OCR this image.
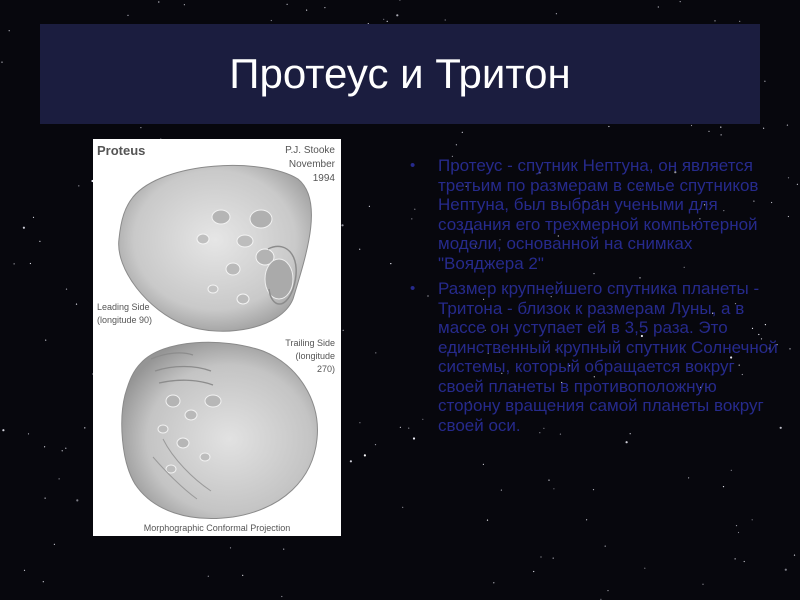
Протеус и Тритон
Proteus	P.J. Stooke
November
1994
Leading Side
(longitude 90)
Trailing Side
(longitude
270)
Morphographic Conformal Projection
• Протеус - спутник Нептуна, он является третьим по размерам в семье спутников Нептуна, был выбран учеными для создания его трехмерной компьютерной модели, основанной на снимках "Вояджера 2"
• Размер крупнейшего спутника планеты - Тритона - близок к размерам Луны, а в массе он уступает ей в 3,5 раза. Это единственный крупный спутник Солнечной системы, который обращается вокруг своей планеты в противоположную сторону вращения самой планеты вокруг своей оси.
